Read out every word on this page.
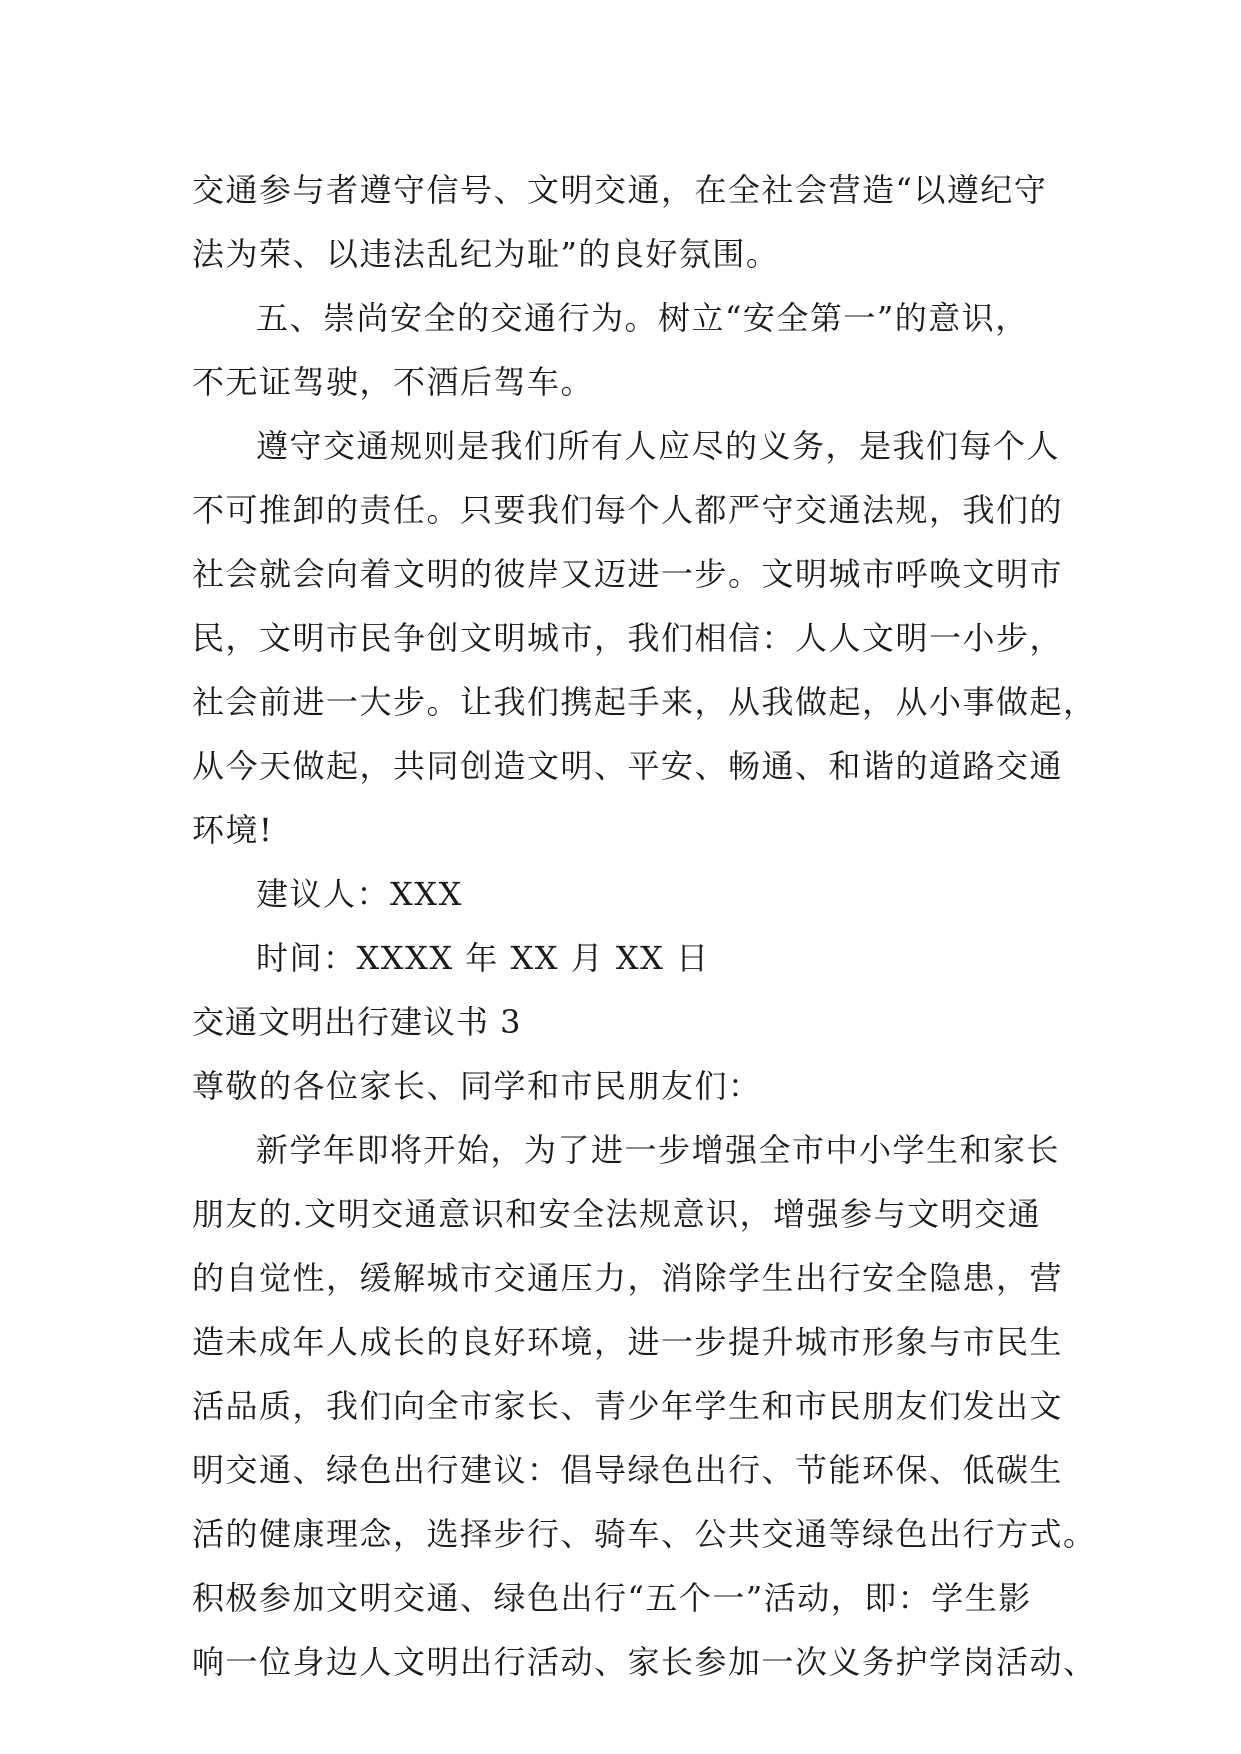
交通参与者遵守信号、文明交通，在全社会营造“以遵纪守
法为荣、以违法乱纪为耻”的良好氛围。
五、崇尚安全的交通行为。树立“安全第一”的意识，
不无证驾驶，不酒后驾车。
遵守交通规则是我们所有人应尽的义务，是我们每个人
不可推卸的责任。只要我们每个人都严守交通法规，我们的
社会就会向着文明的彼岸又迈进一步。文明城市呼唤文明市
民，文明市民争创文明城市，我们相信：人人文明一小步，
社会前进一大步。让我们携起手来，从我做起，从小事做起，
从今天做起，共同创造文明、平安、畅通、和谐的道路交通
环境!
建议人：XXX
时间：XXXX 年 XX 月 XX 日
交通文明出行建议书 3
尊敬的各位家长、同学和市民朋友们：
新学年即将开始，为了进一步增强全市中小学生和家长
朋友的.文明交通意识和安全法规意识，增强参与文明交通
的自觉性，缓解城市交通压力，消除学生出行安全隐患，营
造未成年人成长的良好环境，进一步提升城市形象与市民生
活品质，我们向全市家长、青少年学生和市民朋友们发出文
明交通、绿色出行建议：倡导绿色出行、节能环保、低碳生
活的健康理念，选择步行、骑车、公共交通等绿色出行方式。
积极参加文明交通、绿色出行“五个一”活动，即：学生影
响一位身边人文明出行活动、家长参加一次义务护学岗活动、
